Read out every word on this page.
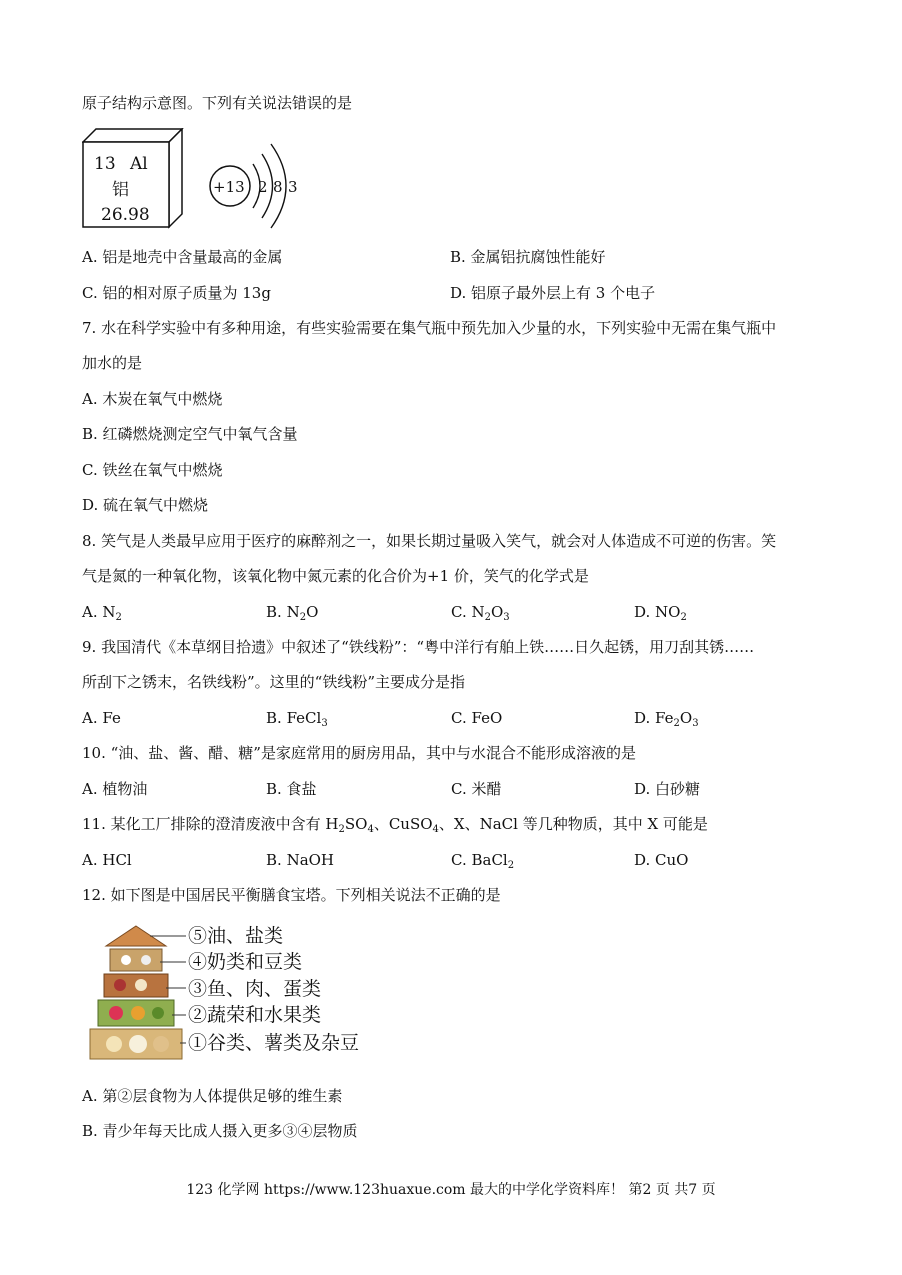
原子结构示意图。下列有关说法错误的是
13 Al
铝
26.98
+13 2 8 3
A. 铝是地壳中含量最高的金属	B. 金属铝抗腐蚀性能好
C. 铝的相对原子质量为 13g	D. 铝原子最外层上有 3 个电子
7. 水在科学实验中有多种用途，有些实验需要在集气瓶中预先加入少量的水，下列实验中无需在集气瓶中
加水的是
A. 木炭在氧气中燃烧
B. 红磷燃烧测定空气中氧气含量
C. 铁丝在氧气中燃烧
D. 硫在氧气中燃烧
8. 笑气是人类最早应用于医疗的麻醉剂之一，如果长期过量吸入笑气，就会对人体造成不可逆的伤害。笑
气是氮的一种氧化物，该氧化物中氮元素的化合价为+1 价，笑气的化学式是
A. $N_2$	B. $N_2O$	C. $N_2O_3$	D. $NO_2$
9. 我国清代《本草纲目拾遗》中叙述了“铁线粉”：“粤中洋行有舶上铁……日久起锈，用刀刮其锈……
所刮下之锈末，名铁线粉”。这里的“铁线粉”主要成分是指
A. Fe	B. FeCl$_3$	C. FeO	D. $Fe_2O_3$
10. “油、盐、酱、醋、糖”是家庭常用的厨房用品，其中与水混合不能形成溶液的是
A. 植物油	B. 食盐	C. 米醋	D. 白砂糖
11. 某化工厂排除的澄清废液中含有 $H_2SO_4$、CuSO$_4$、X、NaCl 等几种物质，其中 X 可能是
A. HCl	B. NaOH	C. BaCl$_2$	D. CuO
12. 如下图是中国居民平衡膳食宝塔。下列相关说法不正确的是
⑤油、盐类
④奶类和豆类
③鱼、肉、蛋类
②蔬荣和水果类
①谷类、薯类及杂豆
A. 第②层食物为人体提供足够的维生素
B. 青少年每天比成人摄入更多③④层物质
123 化学网 https://www.123huaxue.com 最大的中学化学资料库！ 第2 页 共7 页
